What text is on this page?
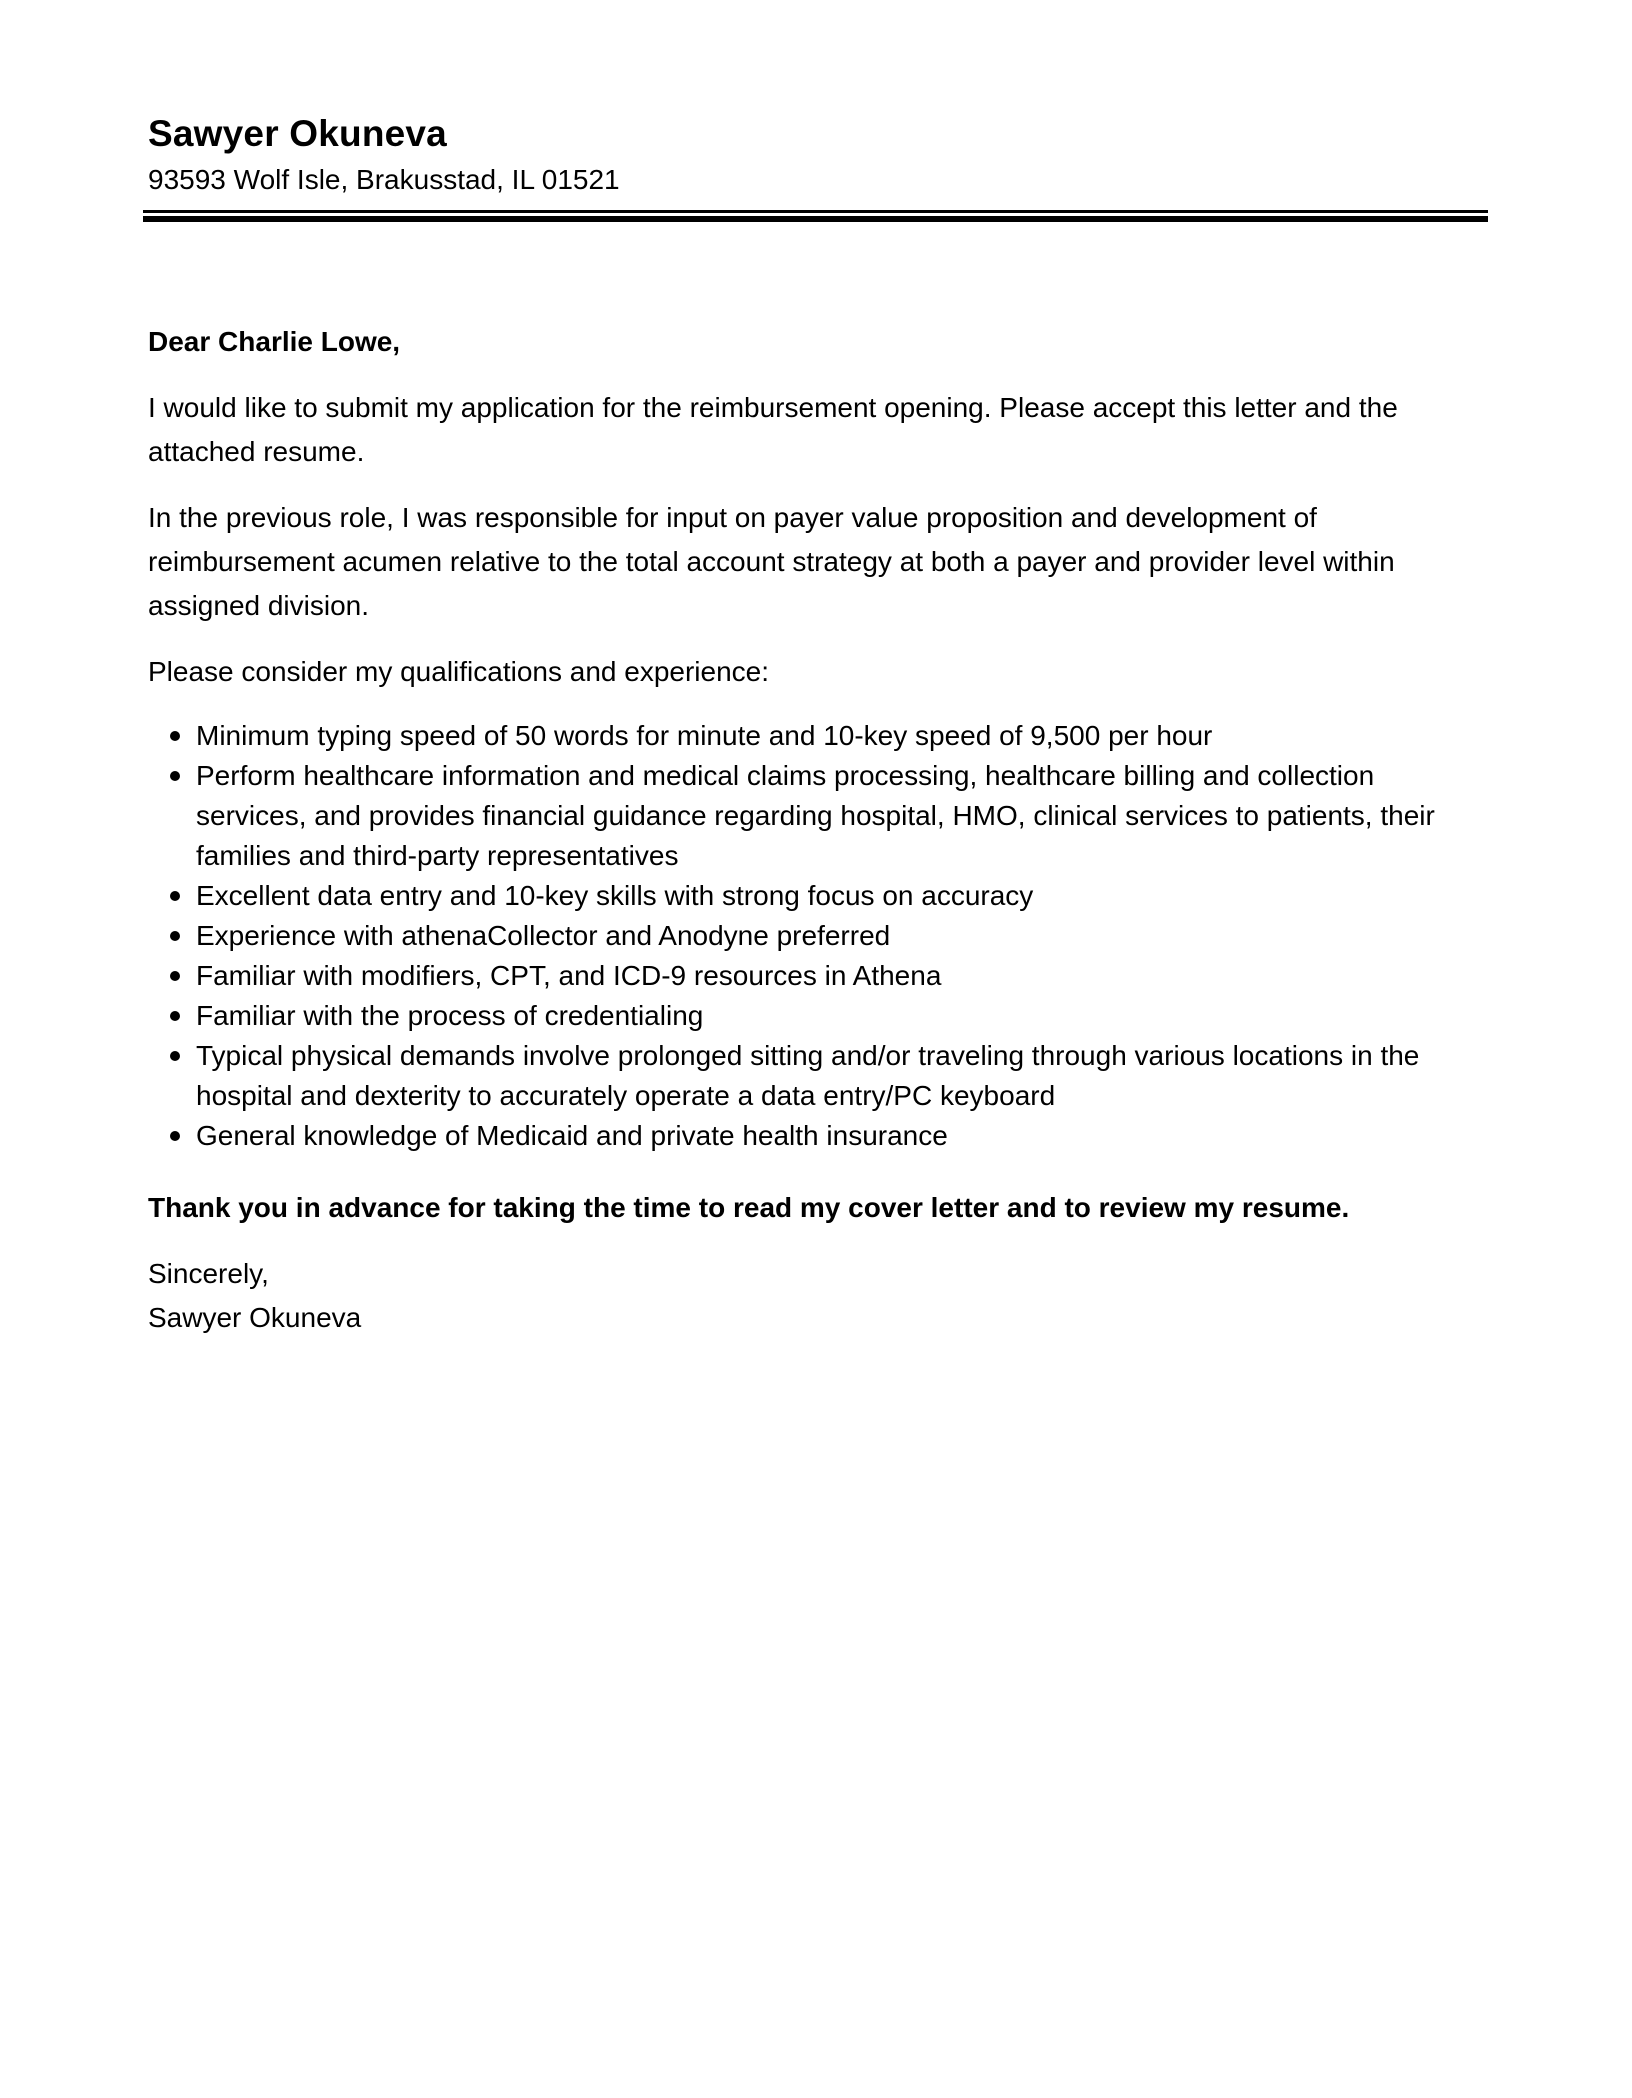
Sawyer Okuneva
93593 Wolf Isle, Brakusstad, IL 01521

Dear Charlie Lowe,

I would like to submit my application for the reimbursement opening. Please accept this letter and the attached resume.

In the previous role, I was responsible for input on payer value proposition and development of reimbursement acumen relative to the total account strategy at both a payer and provider level within assigned division.

Please consider my qualifications and experience:

Minimum typing speed of 50 words for minute and 10-key speed of 9,500 per hour
Perform healthcare information and medical claims processing, healthcare billing and collection services, and provides financial guidance regarding hospital, HMO, clinical services to patients, their families and third-party representatives
Excellent data entry and 10-key skills with strong focus on accuracy
Experience with athenaCollector and Anodyne preferred
Familiar with modifiers, CPT, and ICD-9 resources in Athena
Familiar with the process of credentialing
Typical physical demands involve prolonged sitting and/or traveling through various locations in the hospital and dexterity to accurately operate a data entry/PC keyboard
General knowledge of Medicaid and private health insurance

Thank you in advance for taking the time to read my cover letter and to review my resume.

Sincerely,
Sawyer Okuneva
